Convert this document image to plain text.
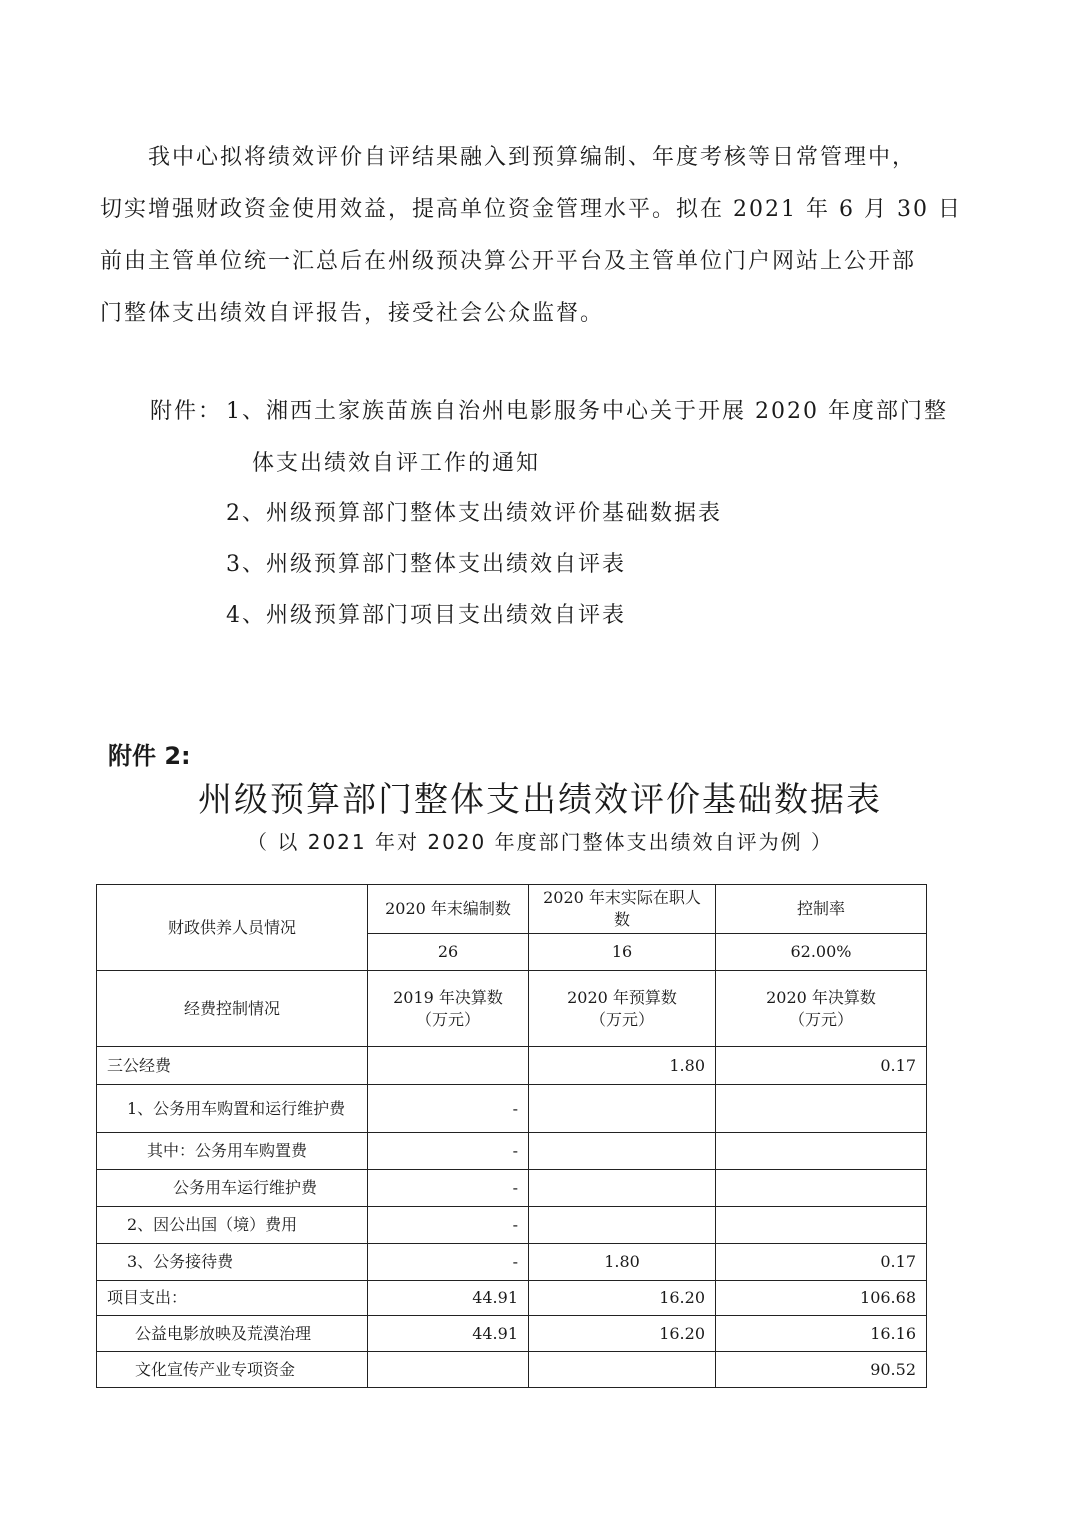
我中心拟将绩效评价自评结果融入到预算编制、年度考核等日常管理中，
切实增强财政资金使用效益，提高单位资金管理水平。拟在 2021 年 6 月 30 日
前由主管单位统一汇总后在州级预决算公开平台及主管单位门户网站上公开部
门整体支出绩效自评报告，接受社会公众监督。
附件： 1、湘西土家族苗族自治州电影服务中心关于开展 2020 年度部门整
体支出绩效自评工作的通知
2、州级预算部门整体支出绩效评价基础数据表
3、州级预算部门整体支出绩效自评表
4、州级预算部门项目支出绩效自评表
附件 2:
州级预算部门整体支出绩效评价基础数据表
（ 以 2021 年对 2020 年度部门整体支出绩效自评为例 ）
财政供养人员情况	2020 年末编制数	2020 年末实际在职人数	控制率
	26	16	62.00%
经费控制情况	2019 年决算数（万元）	2020 年预算数（万元）	2020 年决算数（万元）
三公经费		1.80	0.17
1、公务用车购置和运行维护费	-		
其中：公务用车购置费	-		
公务用车运行维护费	-		
2、因公出国（境）费用	-		
3、公务接待费	-	1.80	0.17
项目支出：	44.91	16.20	106.68
公益电影放映及荒漠治理	44.91	16.20	16.16
文化宣传产业专项资金			90.52
